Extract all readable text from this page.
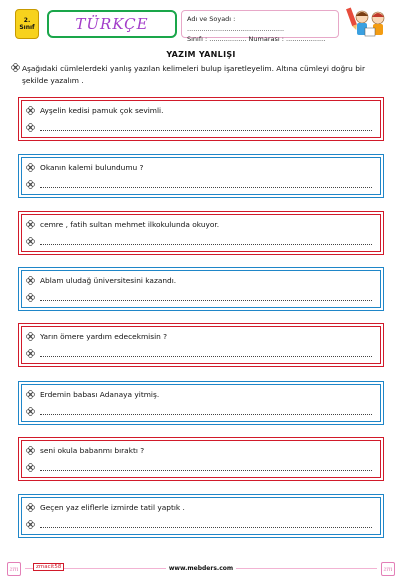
2.
Sınıf	TÜRKÇE	Adı ve Soyadı : ...............................................
Sınıfı : .................. Numarası : ...................
YAZIM YANLIŞI
Aşağıdaki cümlelerdeki yanlış yazılan kelimeleri bulup işaretleyelim. Altına cümleyi doğru bir şekilde yazalım .
Ayşelin kedisi pamuk çok sevimli.
Okanın kalemi bulundumu ?
cemre , fatih sultan mehmet ilkokulunda okuyor.
Ablam uludağ üniversitesini kazandı.
Yarın ömere yardım edecekmisin ?
Erdemin babası Adanaya yitmiş.
seni okula babanmı bıraktı ?
Geçen yaz eliflerle izmirde tatil yaptık .
zm	zmacit58	www.mebders.com	zm
